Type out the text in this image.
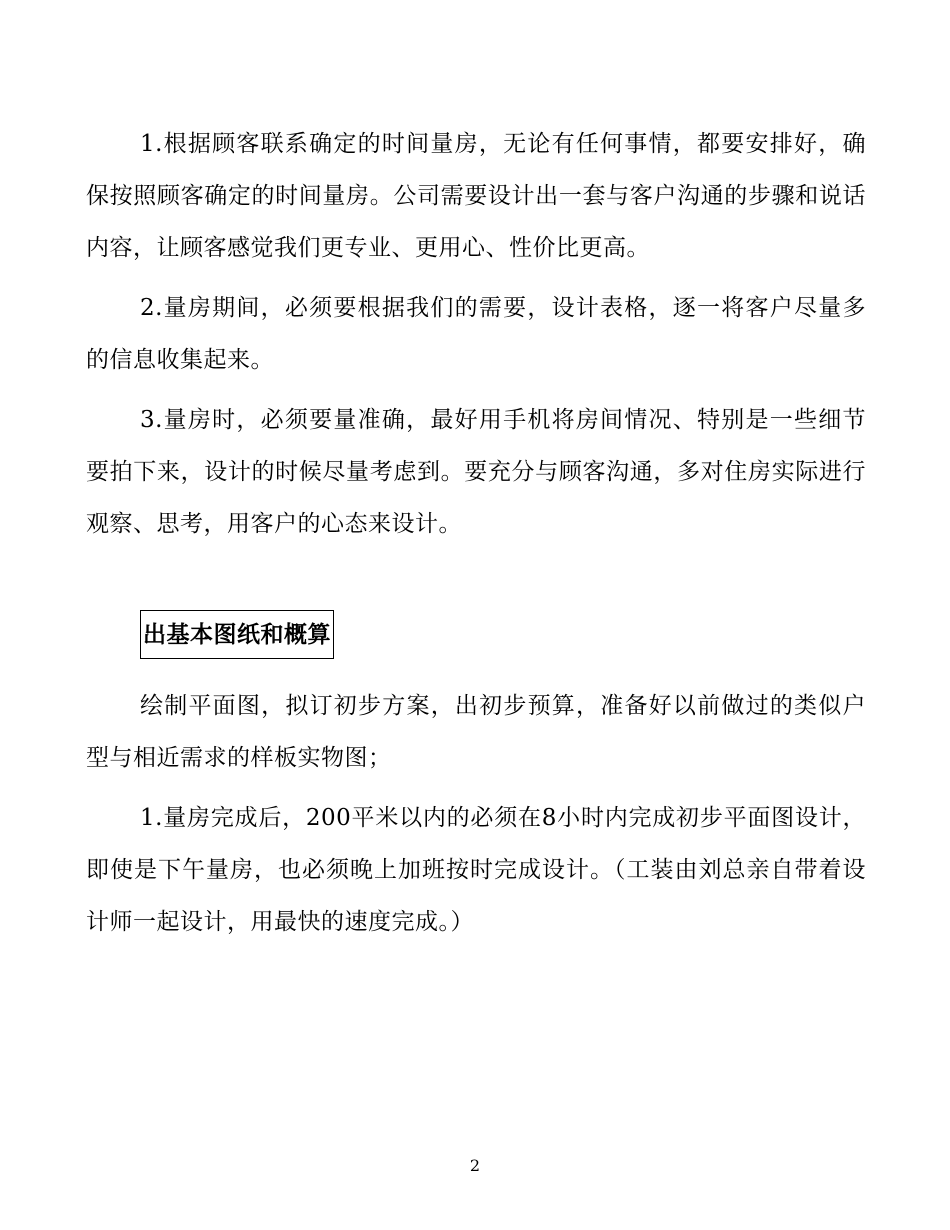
1.根据顾客联系确定的时间量房，无论有任何事情，都要安排好，确保按照顾客确定的时间量房。公司需要设计出一套与客户沟通的步骤和说话内容，让顾客感觉我们更专业、更用心、性价比更高。

2.量房期间，必须要根据我们的需要，设计表格，逐一将客户尽量多的信息收集起来。

3.量房时，必须要量准确，最好用手机将房间情况、特别是一些细节要拍下来，设计的时候尽量考虑到。要充分与顾客沟通，多对住房实际进行观察、思考，用客户的心态来设计。

出基本图纸和概算

绘制平面图，拟订初步方案，出初步预算，准备好以前做过的类似户型与相近需求的样板实物图；

1.量房完成后，200平米以内的必须在8小时内完成初步平面图设计，即使是下午量房，也必须晚上加班按时完成设计。（工装由刘总亲自带着设计师一起设计，用最快的速度完成。）

2
